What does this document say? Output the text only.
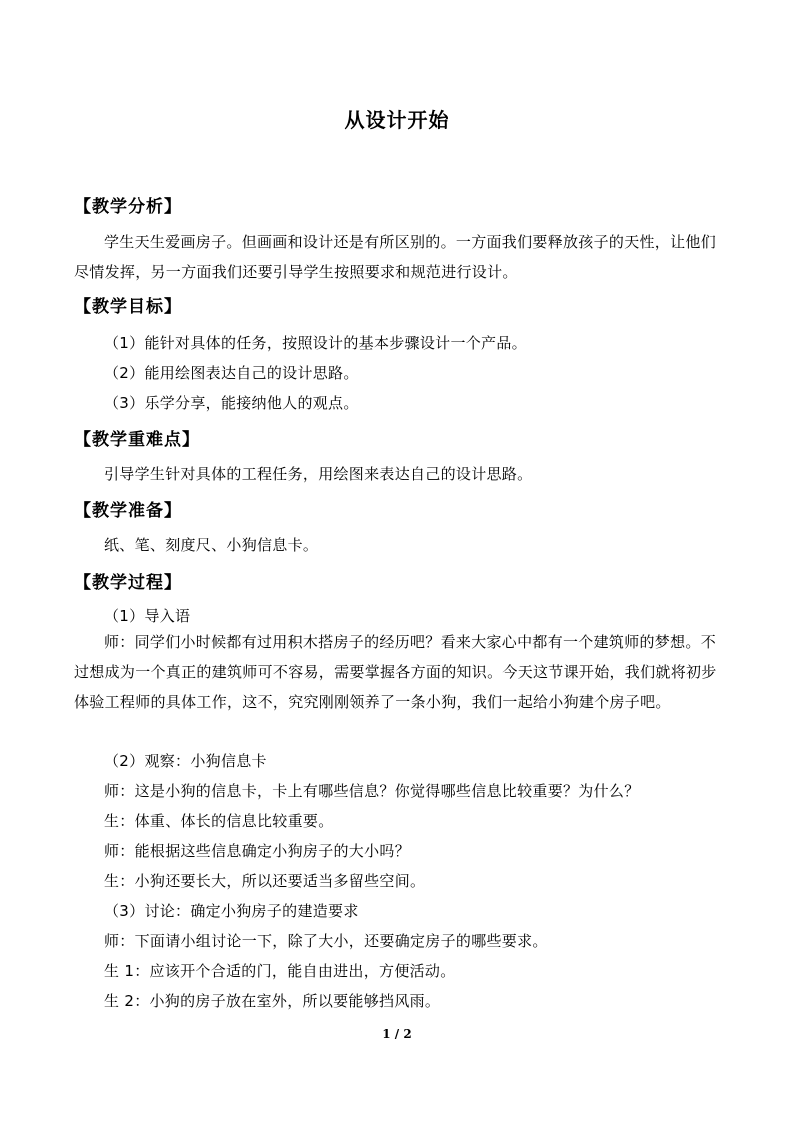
从设计开始
【教学分析】
学生天生爱画房子。但画画和设计还是有所区别的。一方面我们要释放孩子的天性，让他们尽情发挥，另一方面我们还要引导学生按照要求和规范进行设计。
【教学目标】
（1）能针对具体的任务，按照设计的基本步骤设计一个产品。
（2）能用绘图表达自己的设计思路。
（3）乐学分享，能接纳他人的观点。
【教学重难点】
引导学生针对具体的工程任务，用绘图来表达自己的设计思路。
【教学准备】
纸、笔、刻度尺、小狗信息卡。
【教学过程】
（1）导入语
师：同学们小时候都有过用积木搭房子的经历吧？看来大家心中都有一个建筑师的梦想。不过想成为一个真正的建筑师可不容易，需要掌握各方面的知识。今天这节课开始，我们就将初步体验工程师的具体工作，这不，究究刚刚领养了一条小狗，我们一起给小狗建个房子吧。
（2）观察：小狗信息卡
师：这是小狗的信息卡，卡上有哪些信息？你觉得哪些信息比较重要？为什么？
生：体重、体长的信息比较重要。
师：能根据这些信息确定小狗房子的大小吗？
生：小狗还要长大，所以还要适当多留些空间。
（3）讨论：确定小狗房子的建造要求
师：下面请小组讨论一下，除了大小，还要确定房子的哪些要求。
生 1：应该开个合适的门，能自由进出，方便活动。
生 2：小狗的房子放在室外，所以要能够挡风雨。
1 / 2
